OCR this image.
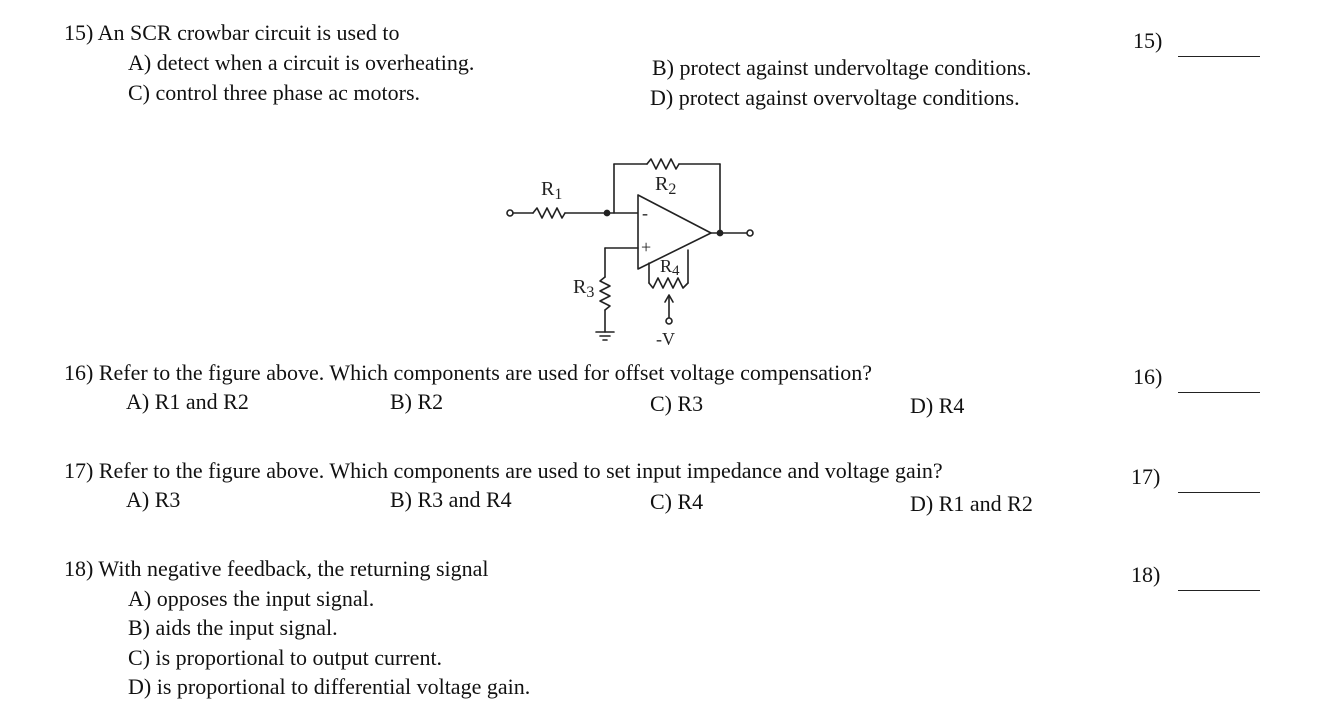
15) An SCR crowbar circuit is used to
A) detect when a circuit is overheating.
C) control three phase ac motors.
B) protect against undervoltage conditions.
D) protect against overvoltage conditions.
15)
$R_1$	$R_2$
$R_3$
R4
-
+
-V
16) Refer to the figure above. Which components are used for offset voltage compensation?
A) R1 and R2	B) R2	C) R3	D) R4
16)
17) Refer to the figure above. Which components are used to set input impedance and voltage gain?
A) R3	B) R3 and R4	C) R4	D) R1 and R2
17)
18) With negative feedback, the returning signal
A) opposes the input signal.
B) aids the input signal.
C) is proportional to output current.
D) is proportional to differential voltage gain.
18)
